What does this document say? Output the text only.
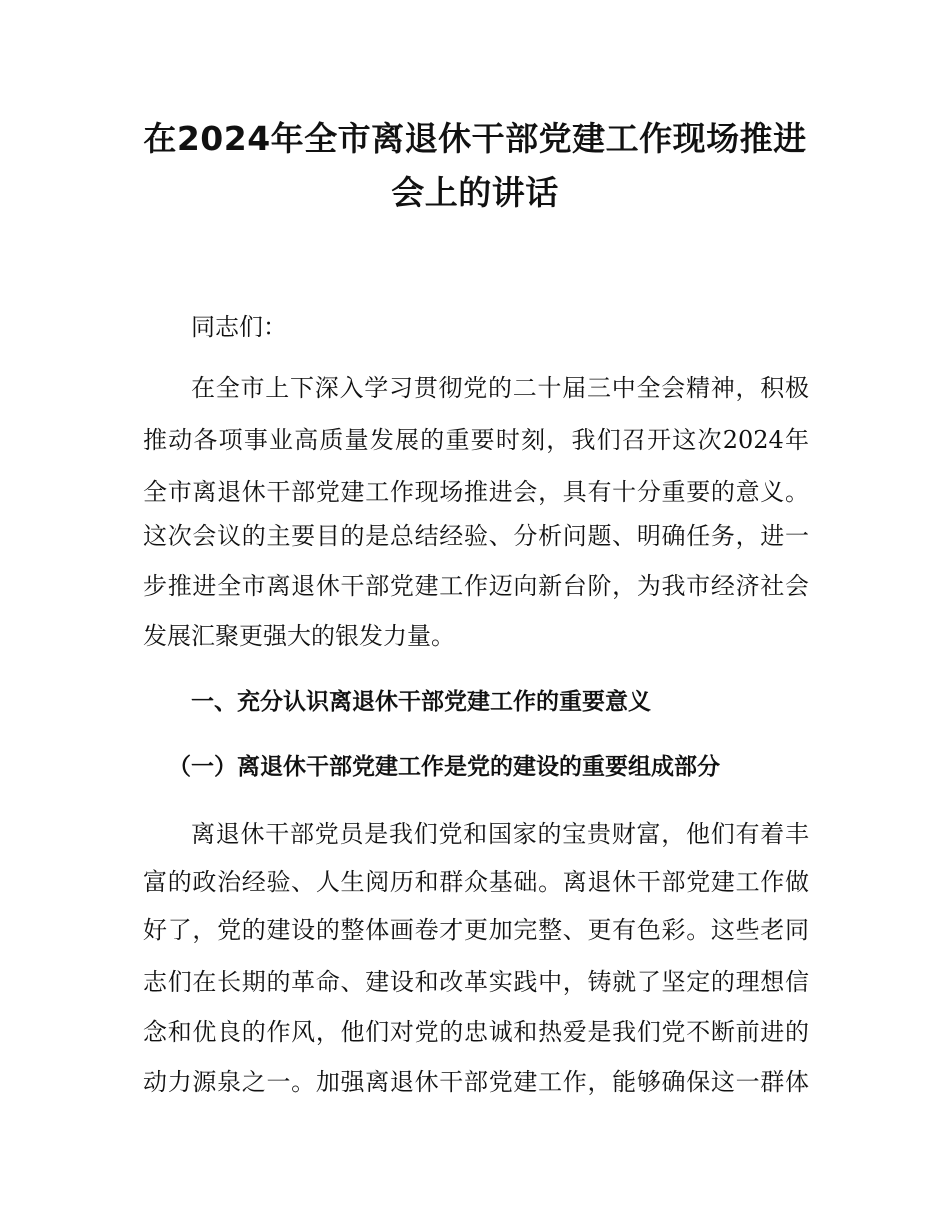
在2024年全市离退休干部党建工作现场推进
会上的讲话

同志们：

在全市上下深入学习贯彻党的二十届三中全会精神，积极

推动各项事业高质量发展的重要时刻，我们召开这次2024年

全市离退休干部党建工作现场推进会，具有十分重要的意义。

这次会议的主要目的是总结经验、分析问题、明确任务，进一

步推进全市离退休干部党建工作迈向新台阶，为我市经济社会

发展汇聚更强大的银发力量。

一、充分认识离退休干部党建工作的重要意义
（一）离退休干部党建工作是党的建设的重要组成部分

离退休干部党员是我们党和国家的宝贵财富，他们有着丰

富的政治经验、人生阅历和群众基础。离退休干部党建工作做

好了，党的建设的整体画卷才更加完整、更有色彩。这些老同

志们在长期的革命、建设和改革实践中，铸就了坚定的理想信

念和优良的作风，他们对党的忠诚和热爱是我们党不断前进的

动力源泉之一。加强离退休干部党建工作，能够确保这一群体
